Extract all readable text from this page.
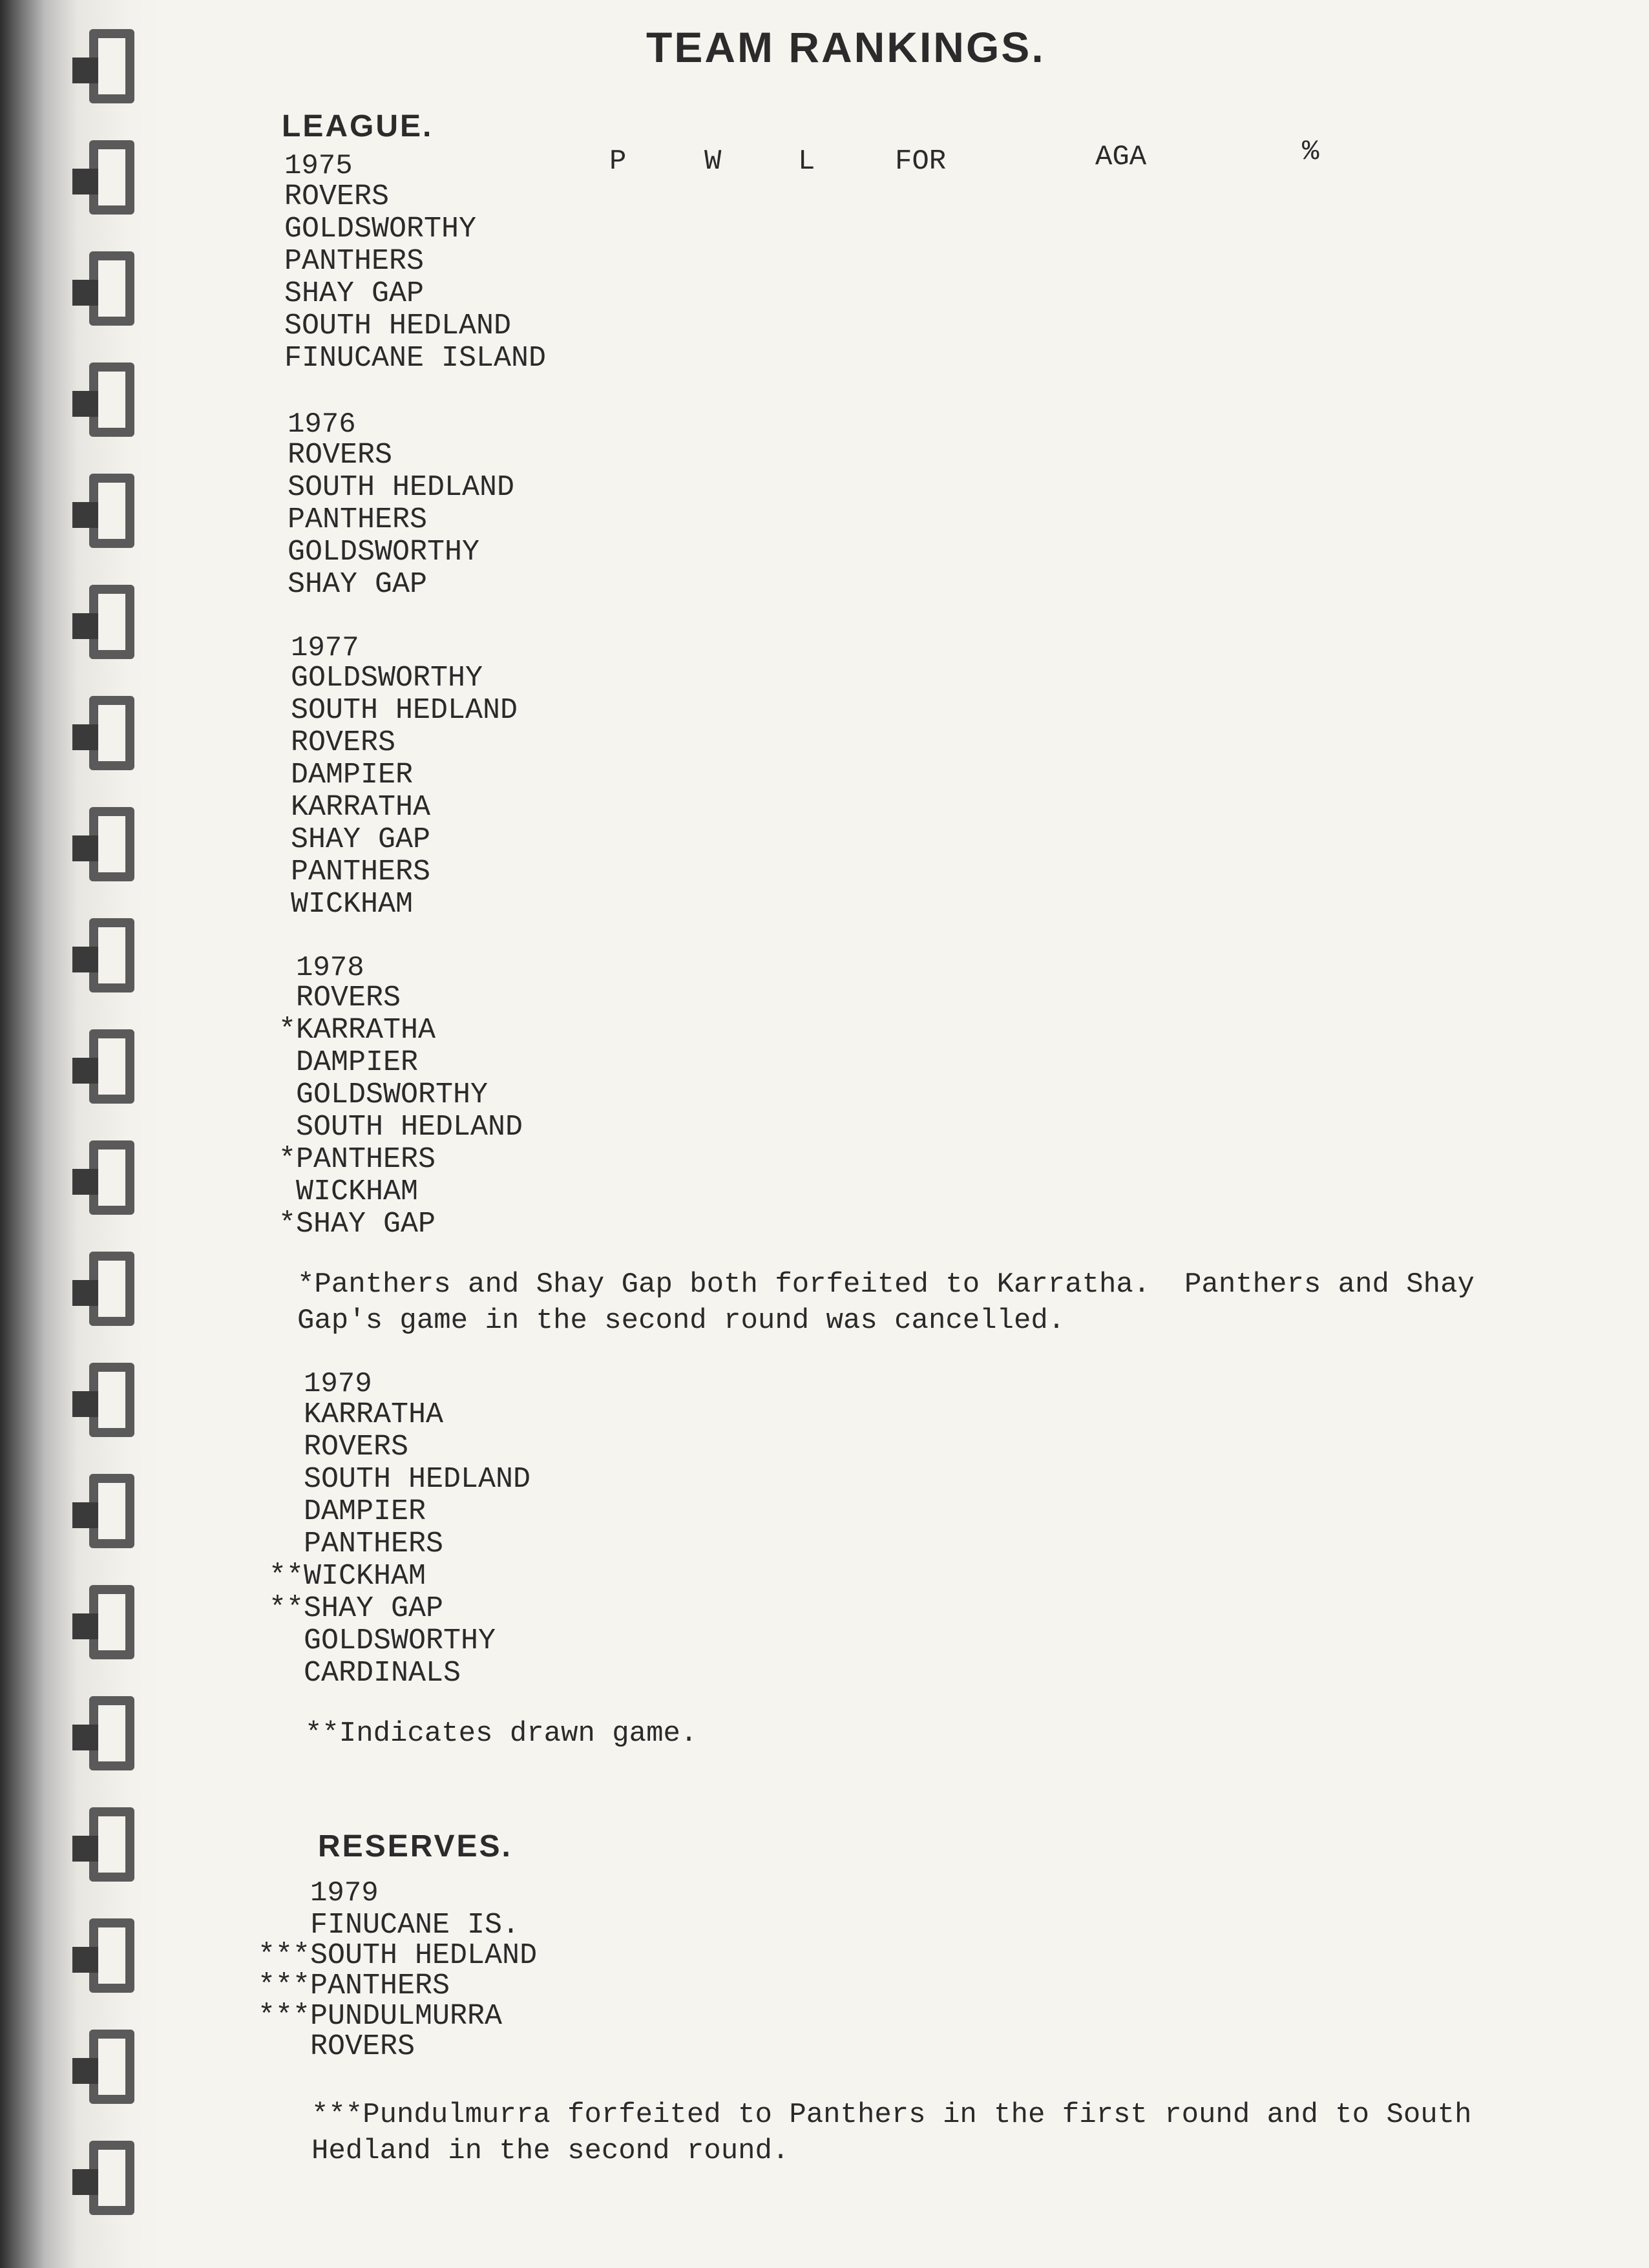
TEAM RANKINGS.
LEAGUE.
P	W	L	FOR	AGA	%
1975
ROVERS
GOLDSWORTHY
PANTHERS
SHAY GAP
SOUTH HEDLAND
FINUCANE ISLAND
1976
ROVERS
SOUTH HEDLAND
PANTHERS
GOLDSWORTHY
SHAY GAP
1977
GOLDSWORTHY
SOUTH HEDLAND
ROVERS
DAMPIER
KARRATHA
SHAY GAP
PANTHERS
WICKHAM
1978
ROVERS
*KARRATHA
DAMPIER
GOLDSWORTHY
SOUTH HEDLAND
*PANTHERS
WICKHAM
*SHAY GAP
*Panthers and Shay Gap both forfeited to Karratha.  Panthers and Shay Gap's game in the second round was cancelled.
1979
KARRATHA
ROVERS
SOUTH HEDLAND
DAMPIER
PANTHERS
**WICKHAM
**SHAY GAP
GOLDSWORTHY
CARDINALS
**Indicates drawn game.
RESERVES.
1979
FINUCANE IS.
***SOUTH HEDLAND
***PANTHERS
***PUNDULMURRA
ROVERS
***Pundulmurra forfeited to Panthers in the first round and to South Hedland in the second round.
